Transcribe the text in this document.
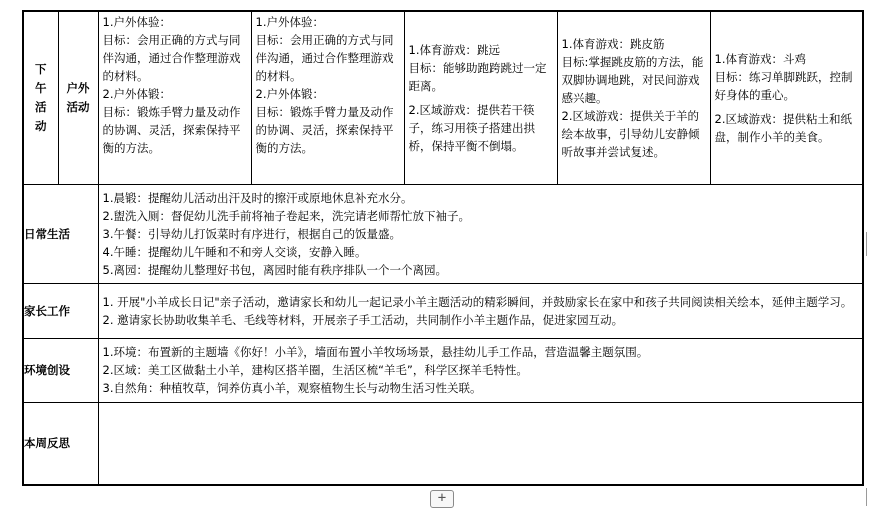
下午活动	户外活动	1.户外体验：
目标：会用正确的方式与同伴沟通，通过合作整理游戏的材料。
2.户外体锻：
目标：锻炼手臂力量及动作的协调、灵活，探索保持平衡的方法。	1.户外体验：
目标：会用正确的方式与同伴沟通，通过合作整理游戏的材料。
2.户外体锻：
目标：锻炼手臂力量及动作的协调、灵活，探索保持平衡的方法。	1.体育游戏：跳远
目标：能够助跑跨跳过一定距离。
2.区域游戏：提供若干筷子，练习用筷子搭建出拱桥，保持平衡不倒塌。	1.体育游戏：跳皮筋
目标:掌握跳皮筋的方法，能双脚协调地跳，对民间游戏感兴趣。
2.区域游戏：提供关于羊的绘本故事，引导幼儿安静倾听故事并尝试复述。	1.体育游戏：斗鸡
目标：练习单脚跳跃，控制好身体的重心。
2.区域游戏：提供粘土和纸盘，制作小羊的美食。

日常生活		1.晨锻：提醒幼儿活动出汗及时的擦汗或原地休息补充水分。
2.盥洗入厕：督促幼儿洗手前将袖子卷起来，洗完请老师帮忙放下袖子。
3.午餐：引导幼儿打饭菜时有序进行，根据自己的饭量盛。
4.午睡：提醒幼儿午睡和不和旁人交谈，安静入睡。
5.离园：提醒幼儿整理好书包，离园时能有秩序排队一个一个离园。				

家长工作		1. 开展"小羊成长日记"亲子活动，邀请家长和幼儿一起记录小羊主题活动的精彩瞬间，并鼓励家长在家中和孩子共同阅读相关绘本，延伸主题学习。
2. 邀请家长协助收集羊毛、毛线等材料，开展亲子手工活动，共同制作小羊主题作品，促进家园互动。				

环境创设		1.环境：布置新的主题墙《你好！小羊》，墙面布置小羊牧场场景，悬挂幼儿手工作品，营造温馨主题氛围。
2.区域：美工区做黏土小羊，建构区搭羊圈，生活区梳“羊毛”，科学区探羊毛特性。
3.自然角：种植牧草，饲养仿真小羊，观察植物生长与动物生活习性关联。				

本周反思						
+
